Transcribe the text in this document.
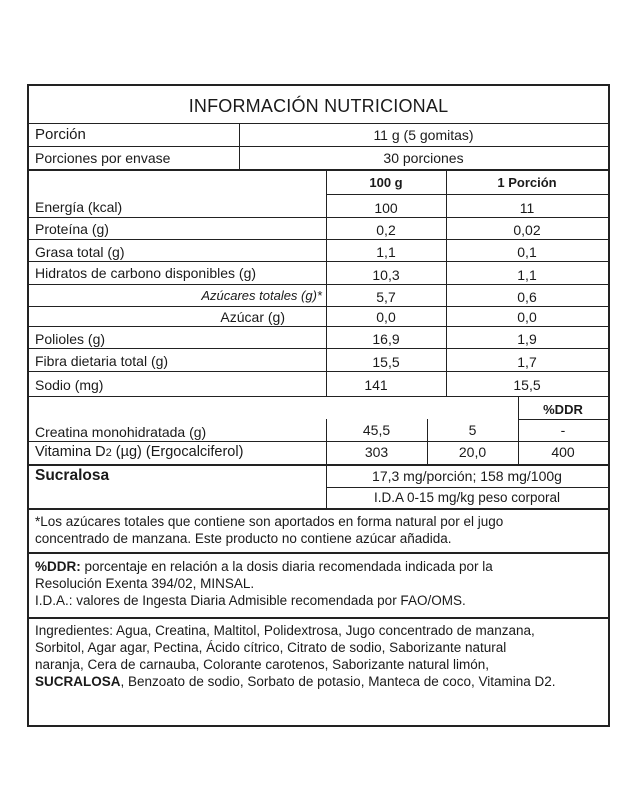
INFORMACIÓN NUTRICIONAL
Porción	11 g (5 gomitas)
Porciones por envase	30 porciones
100 g	1 Porción
Energía (kcal)	100	11
Proteína (g)	0,2	0,02
Grasa total (g)	1,1	0,1
Hidratos de carbono disponibles (g)	10,3	1,1
Azúcares totales (g)*	5,7	0,6
Azúcar (g)	0,0	0,0
Polioles (g)	16,9	1,9
Fibra dietaria total (g)	15,5	1,7
Sodio (mg)	141	15,5
%DDR
Creatina monohidratada (g)	45,5	5	-
Vitamina D2 (µg) (Ergocalciferol)	303	20,0	400
Sucralosa	17,3 mg/porción; 158 mg/100g
I.D.A 0-15 mg/kg peso corporal
*Los azúcares totales que contiene son aportados en forma natural por el jugo
concentrado de manzana. Este producto no contiene azúcar añadida.
%DDR: porcentaje en relación a la dosis diaria recomendada indicada por la
Resolución Exenta 394/02, MINSAL.
I.D.A.: valores de Ingesta Diaria Admisible recomendada por FAO/OMS.
Ingredientes: Agua, Creatina, Maltitol, Polidextrosa, Jugo concentrado de manzana,
Sorbitol, Agar agar, Pectina, Ácido cítrico, Citrato de sodio, Saborizante natural
naranja, Cera de carnauba, Colorante carotenos, Saborizante natural limón,
SUCRALOSA, Benzoato de sodio, Sorbato de potasio, Manteca de coco, Vitamina D2.
